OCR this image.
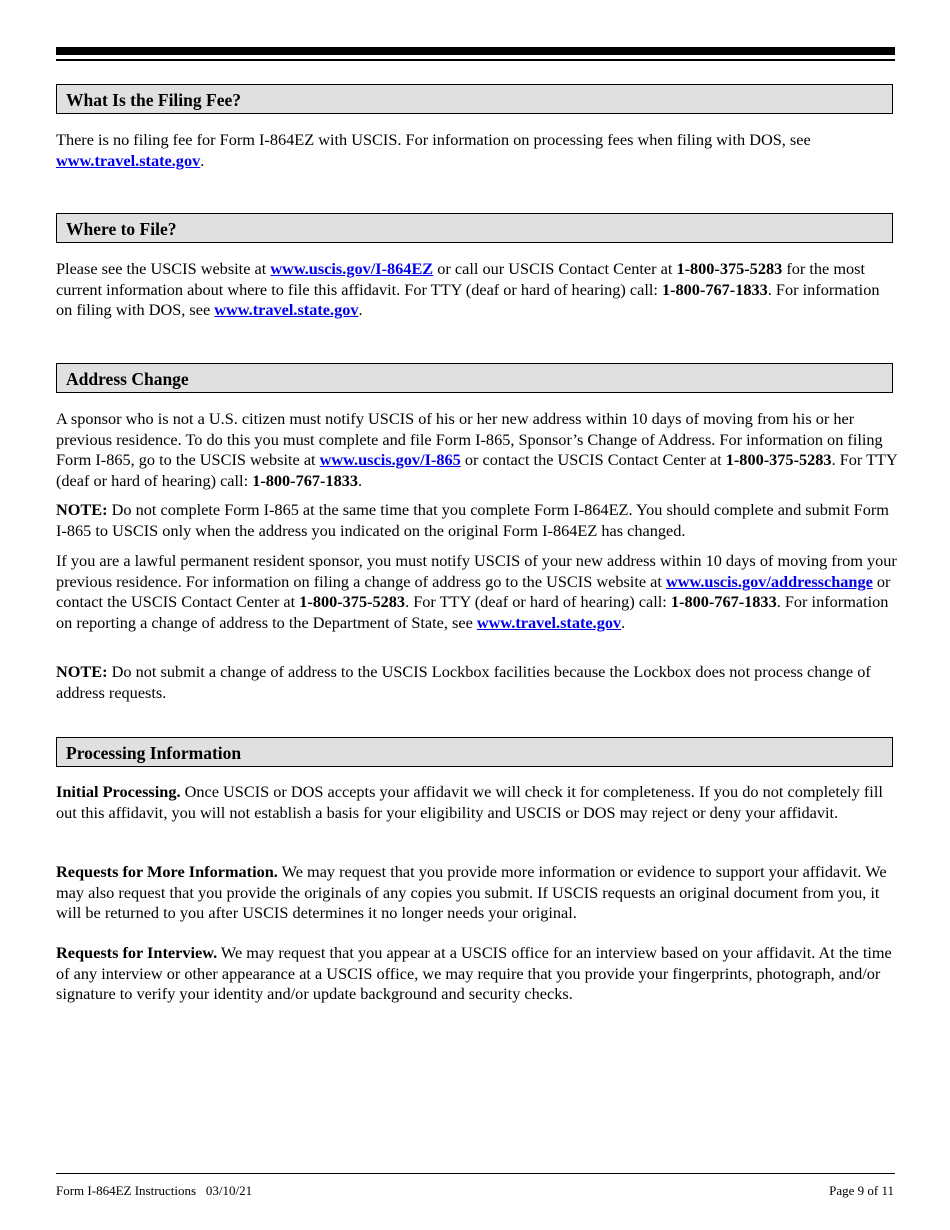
What Is the Filing Fee?

There is no filing fee for Form I-864EZ with USCIS. For information on processing fees when filing with DOS, see www.travel.state.gov.

Where to File?

Please see the USCIS website at www.uscis.gov/I-864EZ or call our USCIS Contact Center at 1-800-375-5283 for the most current information about where to file this affidavit. For TTY (deaf or hard of hearing) call: 1-800-767-1833. For information on filing with DOS, see www.travel.state.gov.

Address Change

A sponsor who is not a U.S. citizen must notify USCIS of his or her new address within 10 days of moving from his or her previous residence. To do this you must complete and file Form I-865, Sponsor’s Change of Address. For information on filing Form I-865, go to the USCIS website at www.uscis.gov/I-865 or contact the USCIS Contact Center at 1-800-375-5283. For TTY (deaf or hard of hearing) call: 1-800-767-1833.

NOTE: Do not complete Form I-865 at the same time that you complete Form I-864EZ. You should complete and submit Form I-865 to USCIS only when the address you indicated on the original Form I-864EZ has changed.

If you are a lawful permanent resident sponsor, you must notify USCIS of your new address within 10 days of moving from your previous residence. For information on filing a change of address go to the USCIS website at www.uscis.gov/addresschange or contact the USCIS Contact Center at 1-800-375-5283. For TTY (deaf or hard of hearing) call: 1-800-767-1833. For information on reporting a change of address to the Department of State, see www.travel.state.gov.

NOTE: Do not submit a change of address to the USCIS Lockbox facilities because the Lockbox does not process change of address requests.

Processing Information

Initial Processing. Once USCIS or DOS accepts your affidavit we will check it for completeness. If you do not completely fill out this affidavit, you will not establish a basis for your eligibility and USCIS or DOS may reject or deny your affidavit.

Requests for More Information. We may request that you provide more information or evidence to support your affidavit. We may also request that you provide the originals of any copies you submit. If USCIS requests an original document from you, it will be returned to you after USCIS determines it no longer needs your original.

Requests for Interview. We may request that you appear at a USCIS office for an interview based on your affidavit. At the time of any interview or other appearance at a USCIS office, we may require that you provide your fingerprints, photograph, and/or signature to verify your identity and/or update background and security checks.

Form I-864EZ Instructions   03/10/21	Page 9 of 11
